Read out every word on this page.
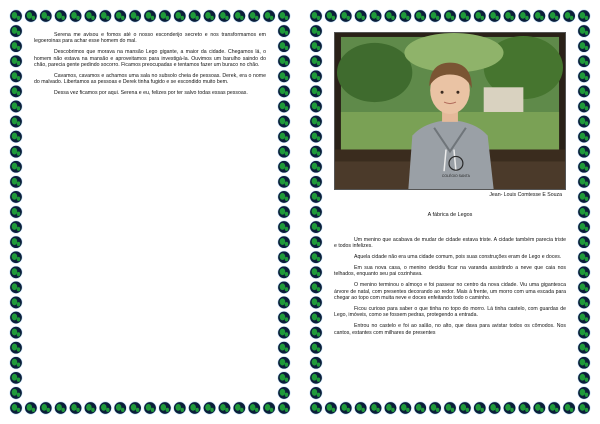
Serena me avisou e fomos até o nosso esconderijo secreto e nos transformamos em legoeroinas para achar esse homem do mal.

Descobrimos que morava na mansão Lego gigante, a maior da cidade. Chegamos lá, o homem não estava na mansão e aproveitamos para investigá-la. Ouvimos um barulho saindo do chão, parecia gente pedindo socorro. Ficamos preocupadas e tentamos fazer um buraco no chão.

Cavamos, cavamos e achamos uma sala no subsolo cheia de pessoas. Derek, era o nome do malvado. Libertamos as pessoas e Derek tinha fugido e se escondido muito bem.

Dessa vez ficamos por aqui. Serena e eu, felizes por ter salvo todas essas pessoas.

COLÉGIO SANTA
Jean- Louis Comtesse E Souza
A fábrica de Legos

Um menino que acabava de mudar de cidade estava triste. A cidade também parecia triste e todos infelizes.

Aquela cidade não era uma cidade comum, pois suas construções eram de Lego e doces.

Em sua nova casa, o menino decidiu ficar na varanda assistindo a neve que caia nos telhados, enquanto seu pai cozinhava.

O menino terminou o almoço e foi passear no centro da nova cidade. Viu uma gigantesca árvore de natal, com presentes decorando ao redor. Mais à frente, um morro com uma escada para chegar ao topo com muita neve e doces enfeitando todo o caminho.

Ficou curioso para saber o que tinha no topo do morro. Lá tinha castelo, com guardas de Lego, imóveis, como se fossem pedras, protegendo a entrada.

Entrou no castelo e foi ao salão, no alto, que dava para avistar todos os cômodos. Nos cantos, estantes com milhares de presentes
